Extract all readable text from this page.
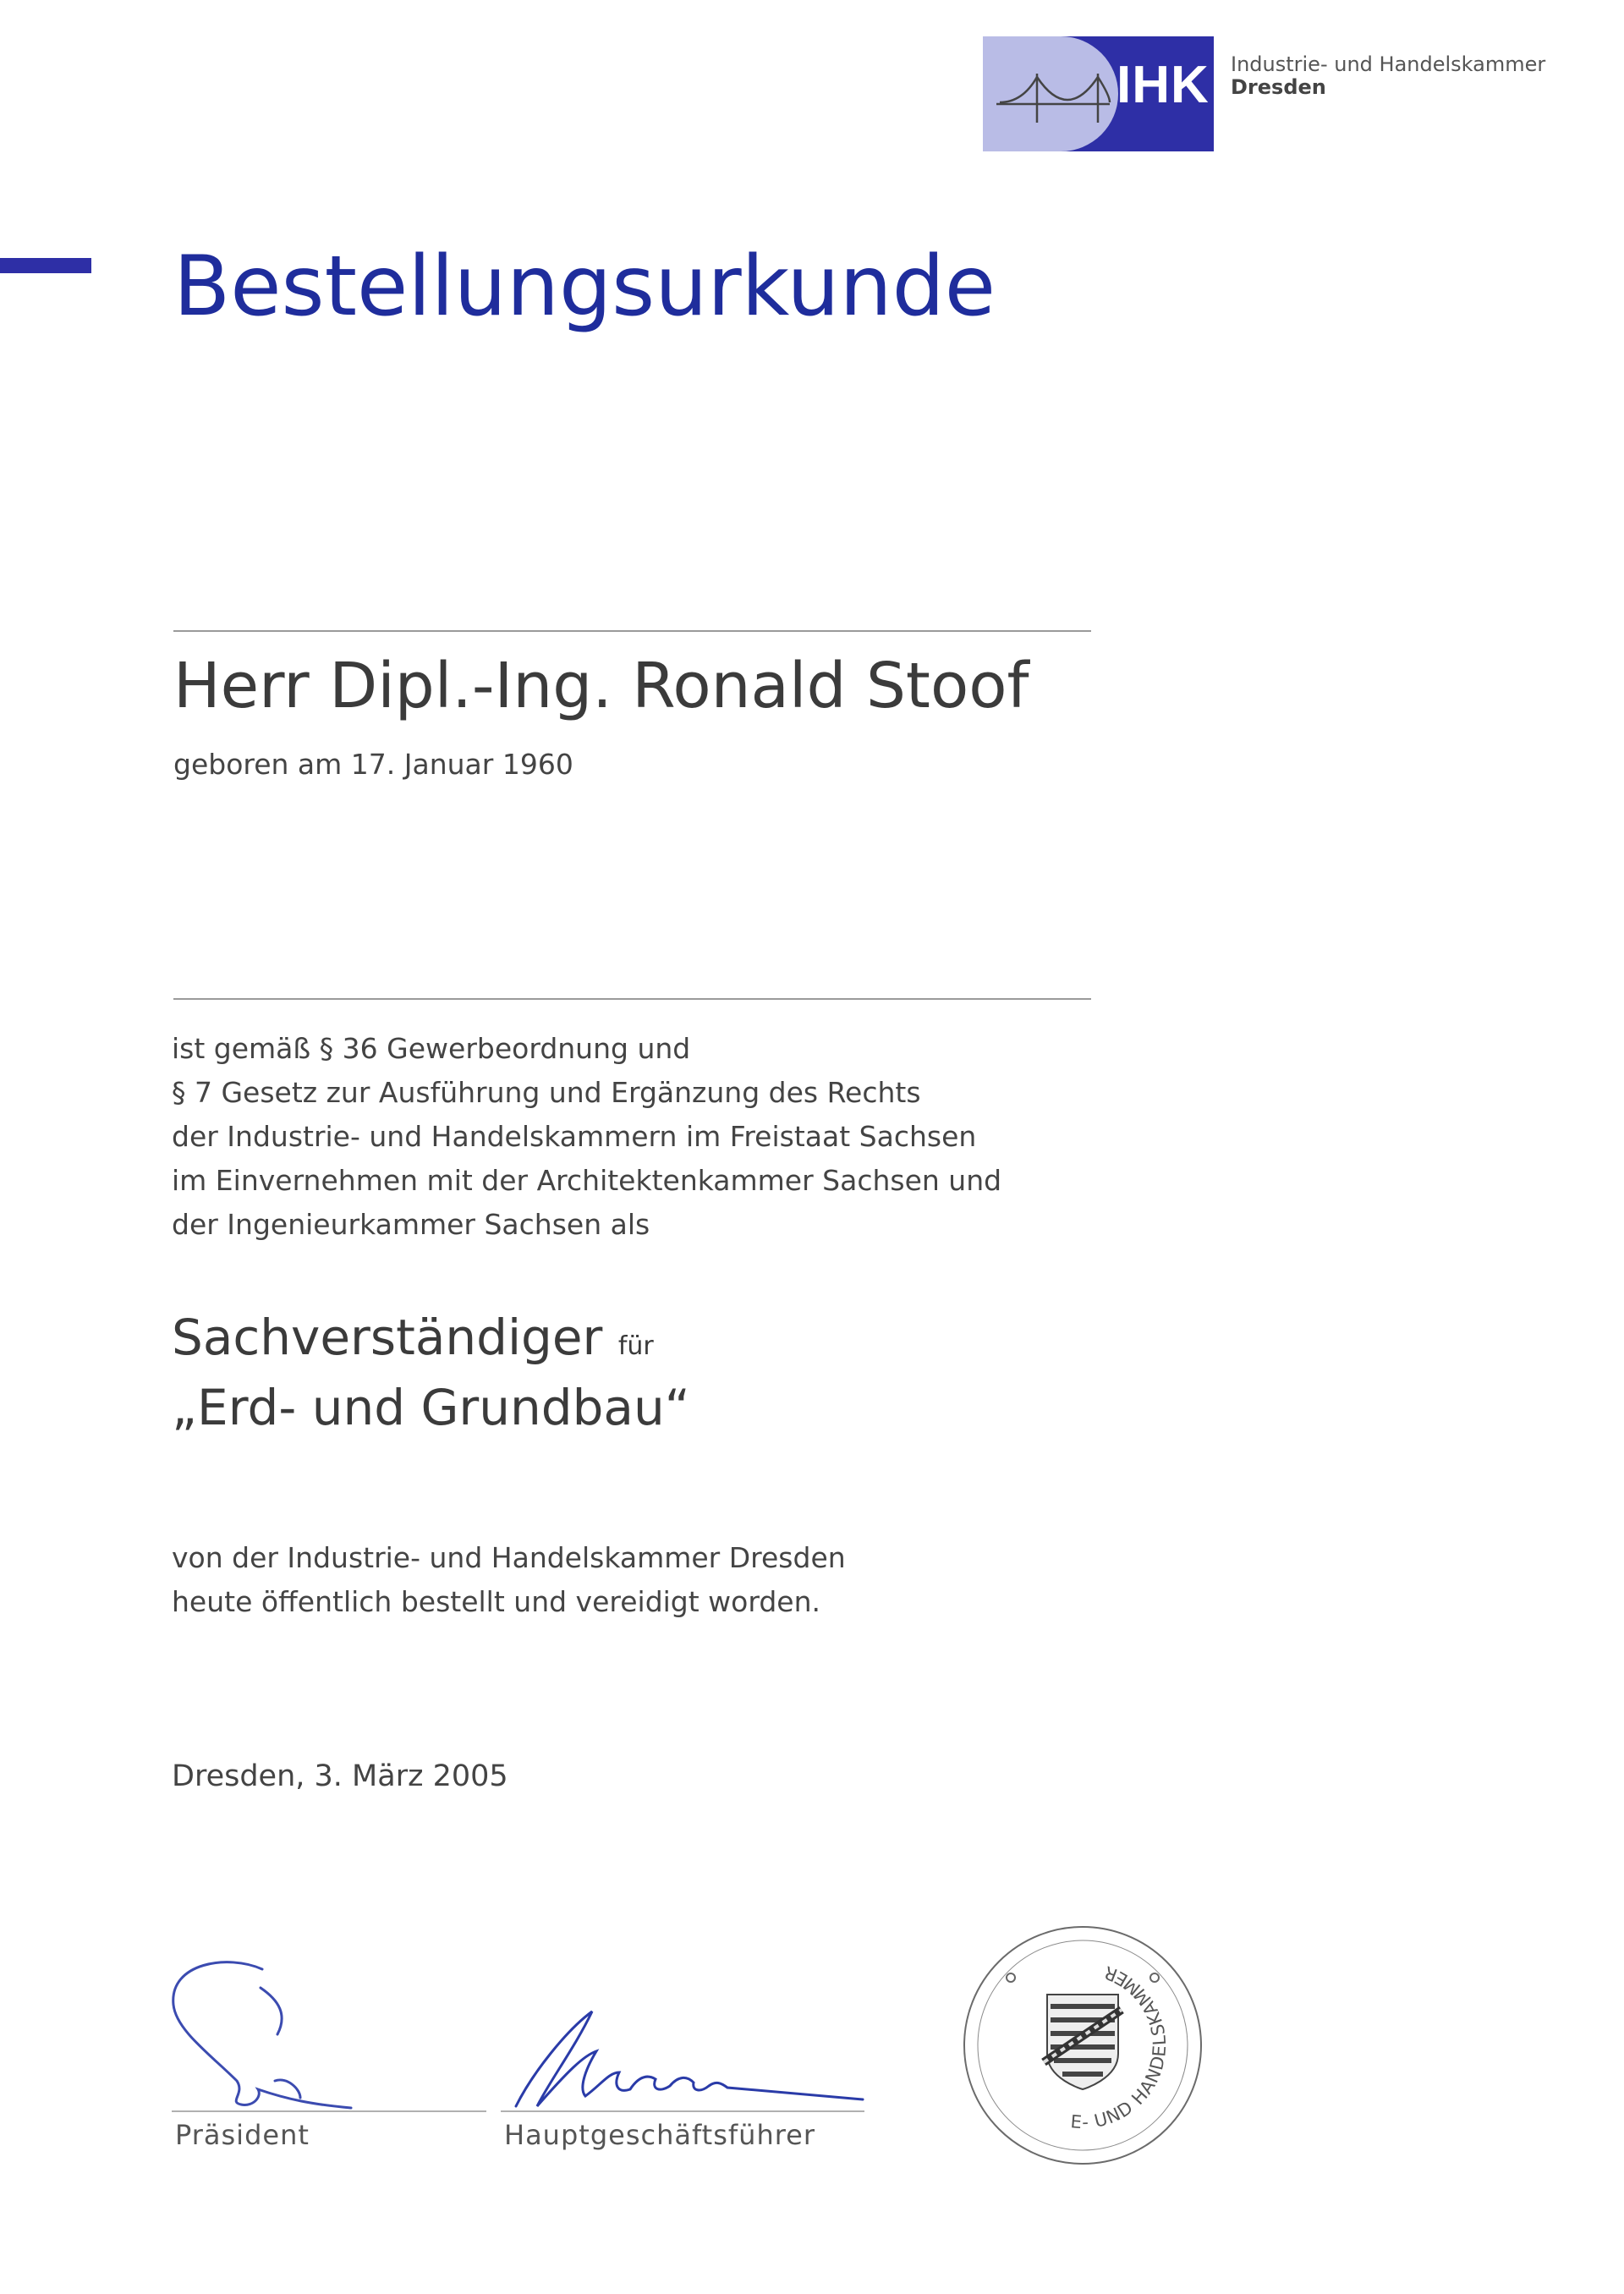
IHK Industrie- und Handelskammer
Dresden
Bestellungsurkunde
Herr Dipl.-Ing. Ronald Stoof
geboren am 17. Januar 1960
ist gemäß § 36 Gewerbeordnung und
§ 7 Gesetz zur Ausführung und Ergänzung des Rechts
der Industrie- und Handelskammern im Freistaat Sachsen
im Einvernehmen mit der Architektenkammer Sachsen und
der Ingenieurkammer Sachsen als
Sachverständiger für
„Erd- und Grundbau“
von der Industrie- und Handelskammer Dresden
heute öffentlich bestellt und vereidigt worden.
Dresden, 3. März 2005
Präsident	Hauptgeschäftsführer	INDUSTRIE- UND HANDELSKAMMER
